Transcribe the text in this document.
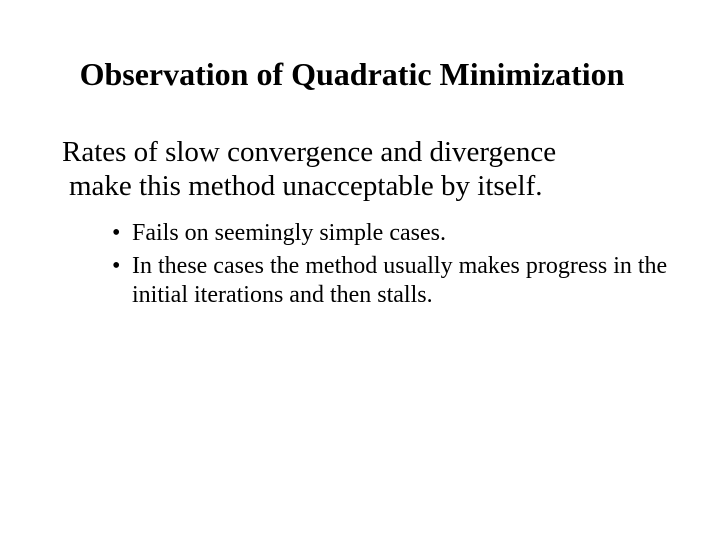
Observation of Quadratic Minimization
Rates of slow convergence and divergence
make this method unacceptable by itself.
• Fails on seemingly simple cases.
• In these cases the method usually makes progress in the initial iterations and then stalls.
